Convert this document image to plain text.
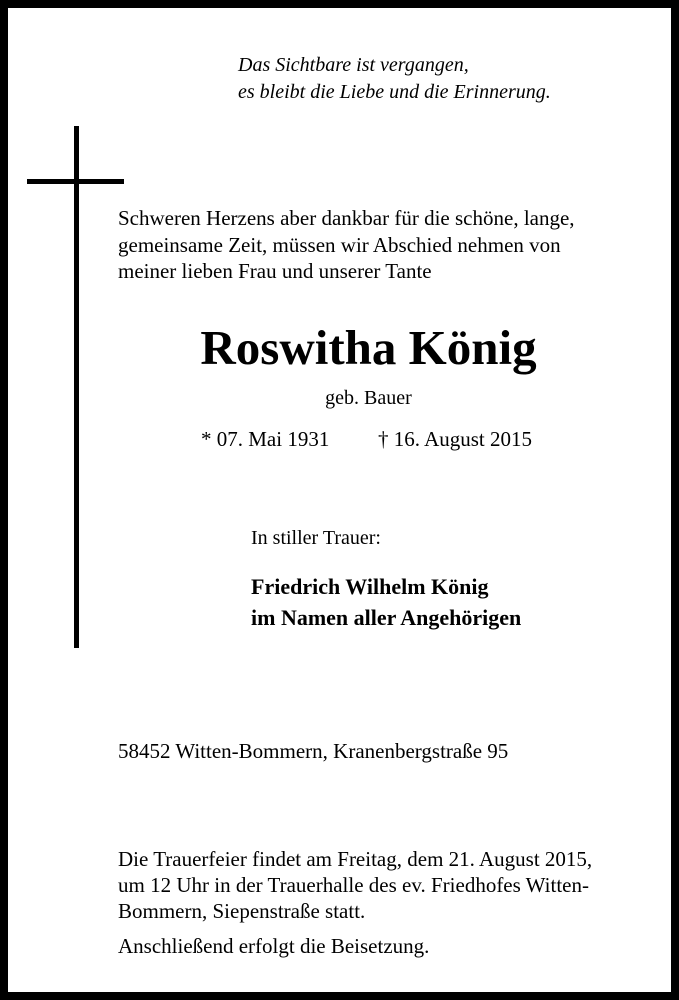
Das Sichtbare ist vergangen,
es bleibt die Liebe und die Erinnerung.
Schweren Herzens aber dankbar für die schöne, lange,
gemeinsame Zeit, müssen wir Abschied nehmen von
meiner lieben Frau und unserer Tante
Roswitha König
geb. Bauer
* 07. Mai 1931 † 16. August 2015
In stiller Trauer:
Friedrich Wilhelm König
im Namen aller Angehörigen
58452 Witten-Bommern, Kranenbergstraße 95
Die Trauerfeier findet am Freitag, dem 21. August 2015,
um 12 Uhr in der Trauerhalle des ev. Friedhofes Witten-
Bommern, Siepenstraße statt.
Anschließend erfolgt die Beisetzung.
